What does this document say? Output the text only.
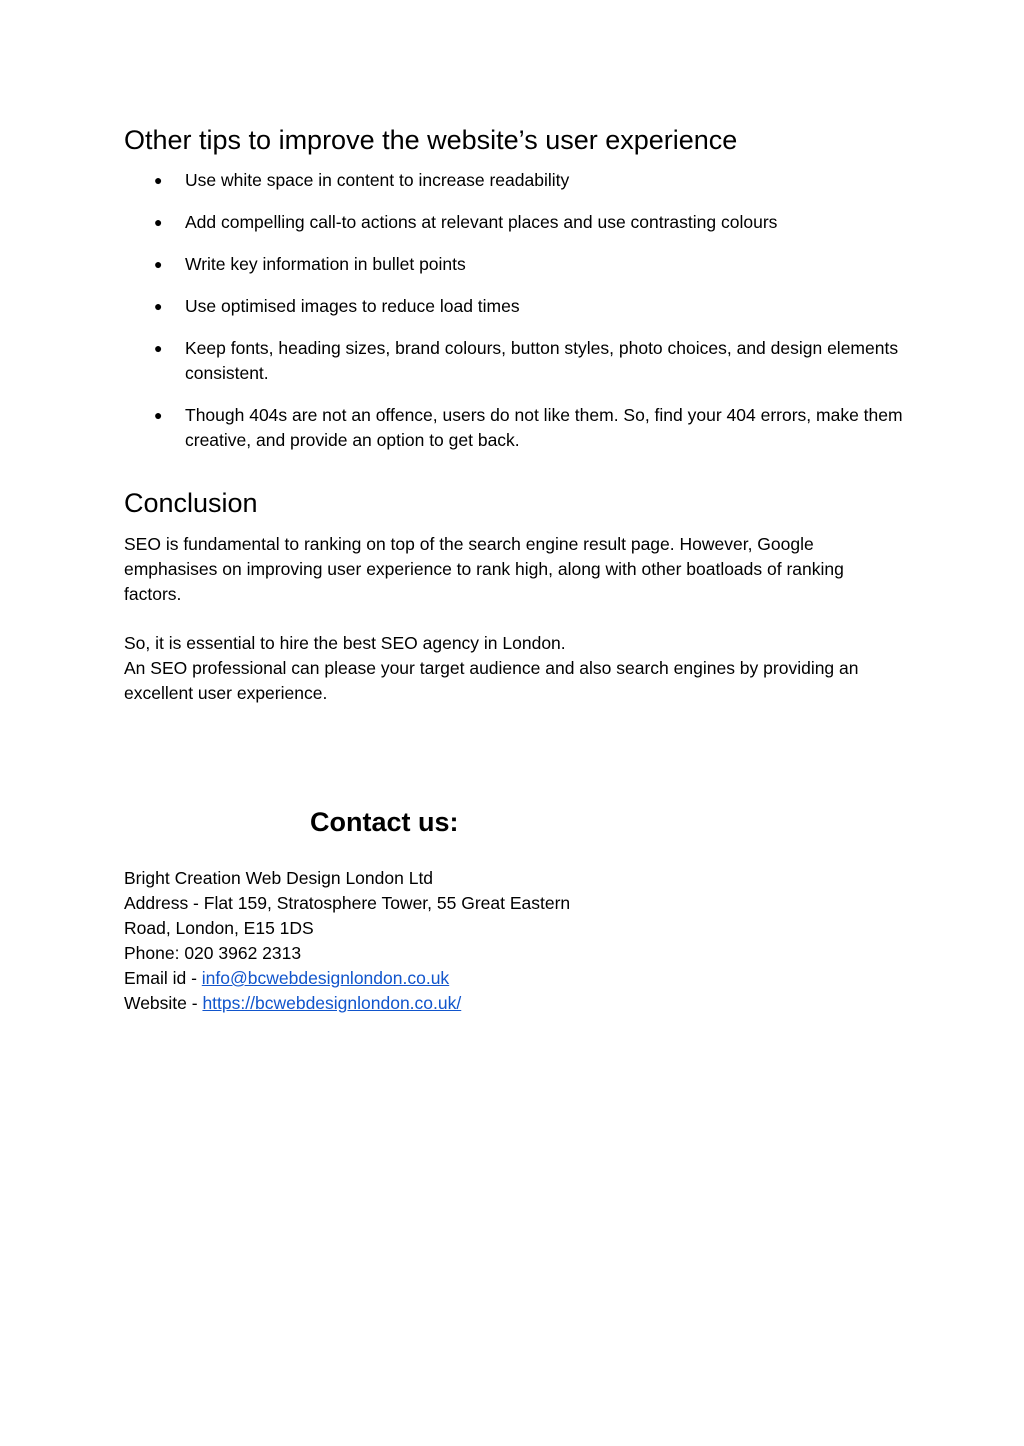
Other tips to improve the website’s user experience
● Use white space in content to increase readability
● Add compelling call-to actions at relevant places and use contrasting colours
● Write key information in bullet points
● Use optimised images to reduce load times
● Keep fonts, heading sizes, brand colours, button styles, photo choices, and design elements consistent.
● Though 404s are not an offence, users do not like them. So, find your 404 errors, make them creative, and provide an option to get back.
Conclusion

SEO is fundamental to ranking on top of the search engine result page. However, Google emphasises on improving user experience to rank high, along with other boatloads of ranking factors.

So, it is essential to hire the best SEO agency in London.
An SEO professional can please your target audience and also search engines by providing an excellent user experience.
Contact us:
Bright Creation Web Design London Ltd
Address - Flat 159, Stratosphere Tower, 55 Great Eastern
Road, London, E15 1DS
Phone: 020 3962 2313
Email id - info@bcwebdesignlondon.co.uk
Website - https://bcwebdesignlondon.co.uk/
